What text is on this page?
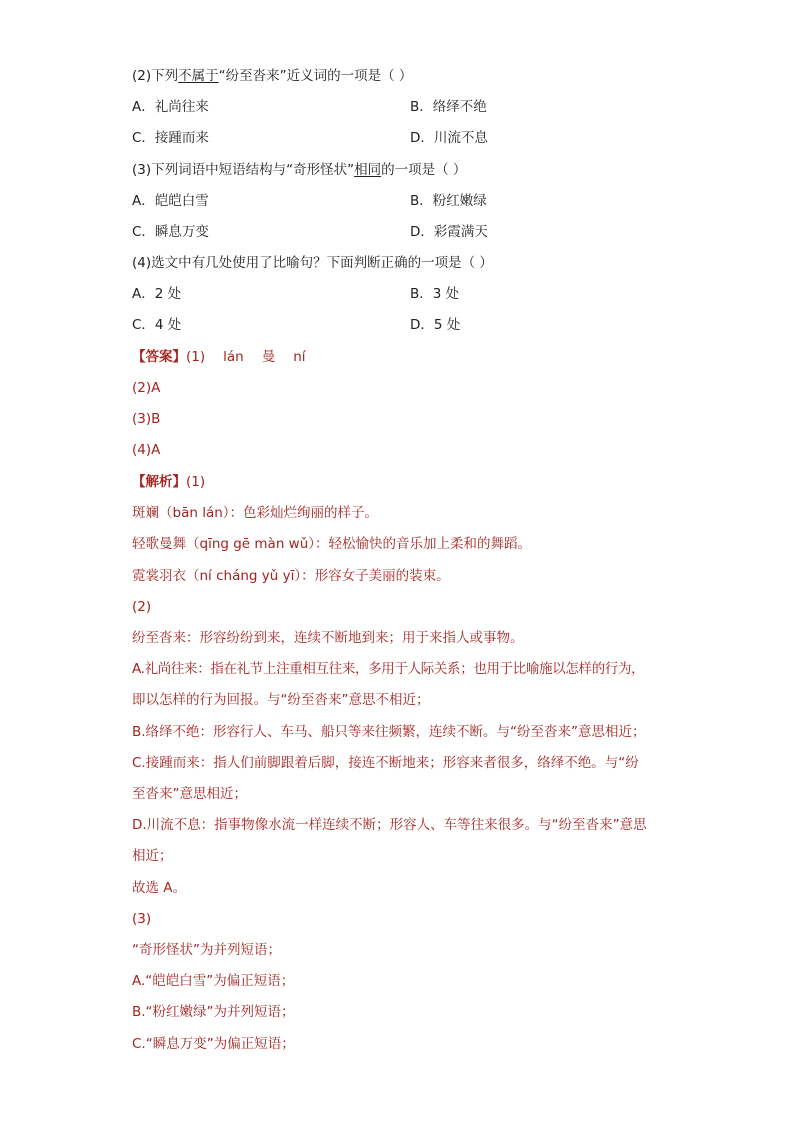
(2)下列不属于“纷至沓来”近义词的一项是（ ）
A．礼尚往来	B．络绎不绝
C．接踵而来	D．川流不息
(3)下列词语中短语结构与“奇形怪状”相同的一项是（ ）
A．皑皑白雪	B．粉红嫩绿
C．瞬息万变	D．彩霞满天
(4)选文中有几处使用了比喻句？下面判断正确的一项是（ ）
A．2 处	B．3 处
C．4 处	D．5 处
【答案】(1) lán 曼 ní
(2)A
(3)B
(4)A
【解析】(1)
斑斓（bān lán）：色彩灿烂绚丽的样子。
轻歌曼舞（qīng gē màn wǔ）：轻松愉快的音乐加上柔和的舞蹈。
霓裳羽衣（ní cháng yǔ yī）：形容女子美丽的装束。
(2)
纷至沓来：形容纷纷到来，连续不断地到来；用于来指人或事物。
A.礼尚往来：指在礼节上注重相互往来，多用于人际关系；也用于比喻施以怎样的行为，
即以怎样的行为回报。与“纷至沓来”意思不相近；
B.络绎不绝：形容行人、车马、船只等来往频繁，连续不断。与“纷至沓来”意思相近；
C.接踵而来：指人们前脚跟着后脚，接连不断地来；形容来者很多，络绎不绝。与“纷
至沓来”意思相近；
D.川流不息：指事物像水流一样连续不断；形容人、车等往来很多。与“纷至沓来”意思
相近；
故选 A。
(3)
“奇形怪状”为并列短语；
A.“皑皑白雪”为偏正短语；
B.“粉红嫩绿”为并列短语；
C.“瞬息万变”为偏正短语；
